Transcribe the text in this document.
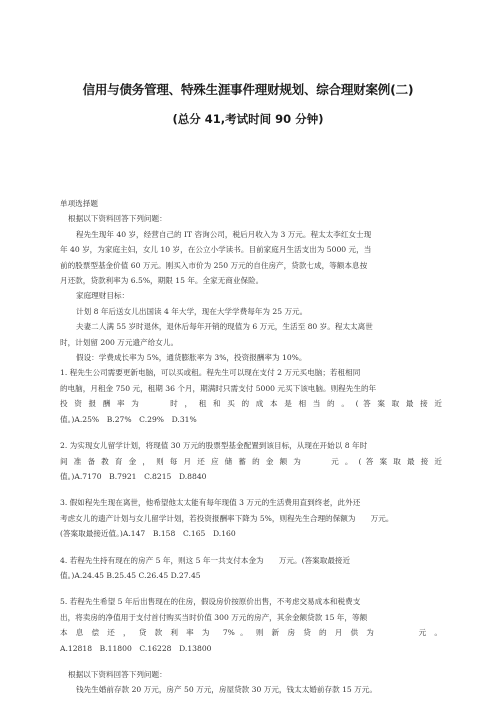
信用与债务管理、特殊生涯事件理财规划、综合理财案例(二)
(总分 41,考试时间 90 分钟)

单项选择题

根据以下资料回答下列问题：

程先生现年 40 岁，经营自己的 IT 咨询公司，税后月收入为 3 万元。程太太李红女士现

年 40 岁，为家庭主妇，女儿 10 岁，在公立小学读书。目前家庭月生活支出为 5000 元，当

前的股票型基金价值 60 万元。刚买入市价为 250 万元的自住房产，贷款七成，等额本息按

月还款，贷款利率为 6.5%，期限 15 年。全家无商业保险。

家庭理财目标：

计划 8 年后送女儿出国读 4 年大学，现在大学学费每年为 25 万元。

夫妻二人满 55 岁时退休，退休后每年开销的现值为 6 万元，生活至 80 岁。程太太离世

时，计划留 200 万元遗产给女儿。

假设：学费成长率为 5%，通货膨胀率为 3%，投资报酬率为 10%。

1. 程先生公司需要更新电脑，可以买或租。程先生可以现在支付 2 万元买电脑；若租相同

的电脑，月租金 750 元，租期 36 个月，期满时只需支付 5000 元买下该电脑。则程先生的年

投 资 报 酬 率 为　　　时 ， 租 和 买 的 成 本 是 相 当 的 。 ( 答 案 取 最 接 近

值。)A.25%　B.27%　C.29%　D.31%

2. 为实现女儿留学计划，将现值 30 万元的股票型基金配置到该目标，从现在开始以 8 年时

间 准 备 教 育 金 ， 则 每 月 还 应 储 蓄 的 金 额 为　　　元 。 ( 答 案 取 最 接 近

值。)A.7170　B.7921　C.8215　D.8840

3. 假如程先生现在离世，他希望他太太能有每年现值 3 万元的生活费用直到终老，此外还

考虑女儿的遗产计划与女儿留学计划，若投资报酬率下降为 5%，则程先生合理的保额为　　万元。

(答案取最接近值。)A.147　B.158　C.165　D.160

4. 若程先生持有现在的房产 5 年，则这 5 年一共支付本金为　　万元。(答案取最接近

值。)A.24.45 B.25.45 C.26.45 D.27.45

5. 若程先生希望 5 年后出售现在的住房，假设房价按原价出售，不考虑交易成本和税费支

出，将卖房的净值用于支付首付购买当时价值 300 万元的房产，其余金额贷款 15 年，等额

本 息 偿 还 ， 贷 款 利 率 为　7% 。 则 新 房 贷 的 月 供 为　　　　元 。

A.12818　B.11800　C.16228　D.13800

根据以下资料回答下列问题：

钱先生婚前存款 20 万元，房产 50 万元，房屋贷款 30 万元，钱太太婚前存款 15 万元。
